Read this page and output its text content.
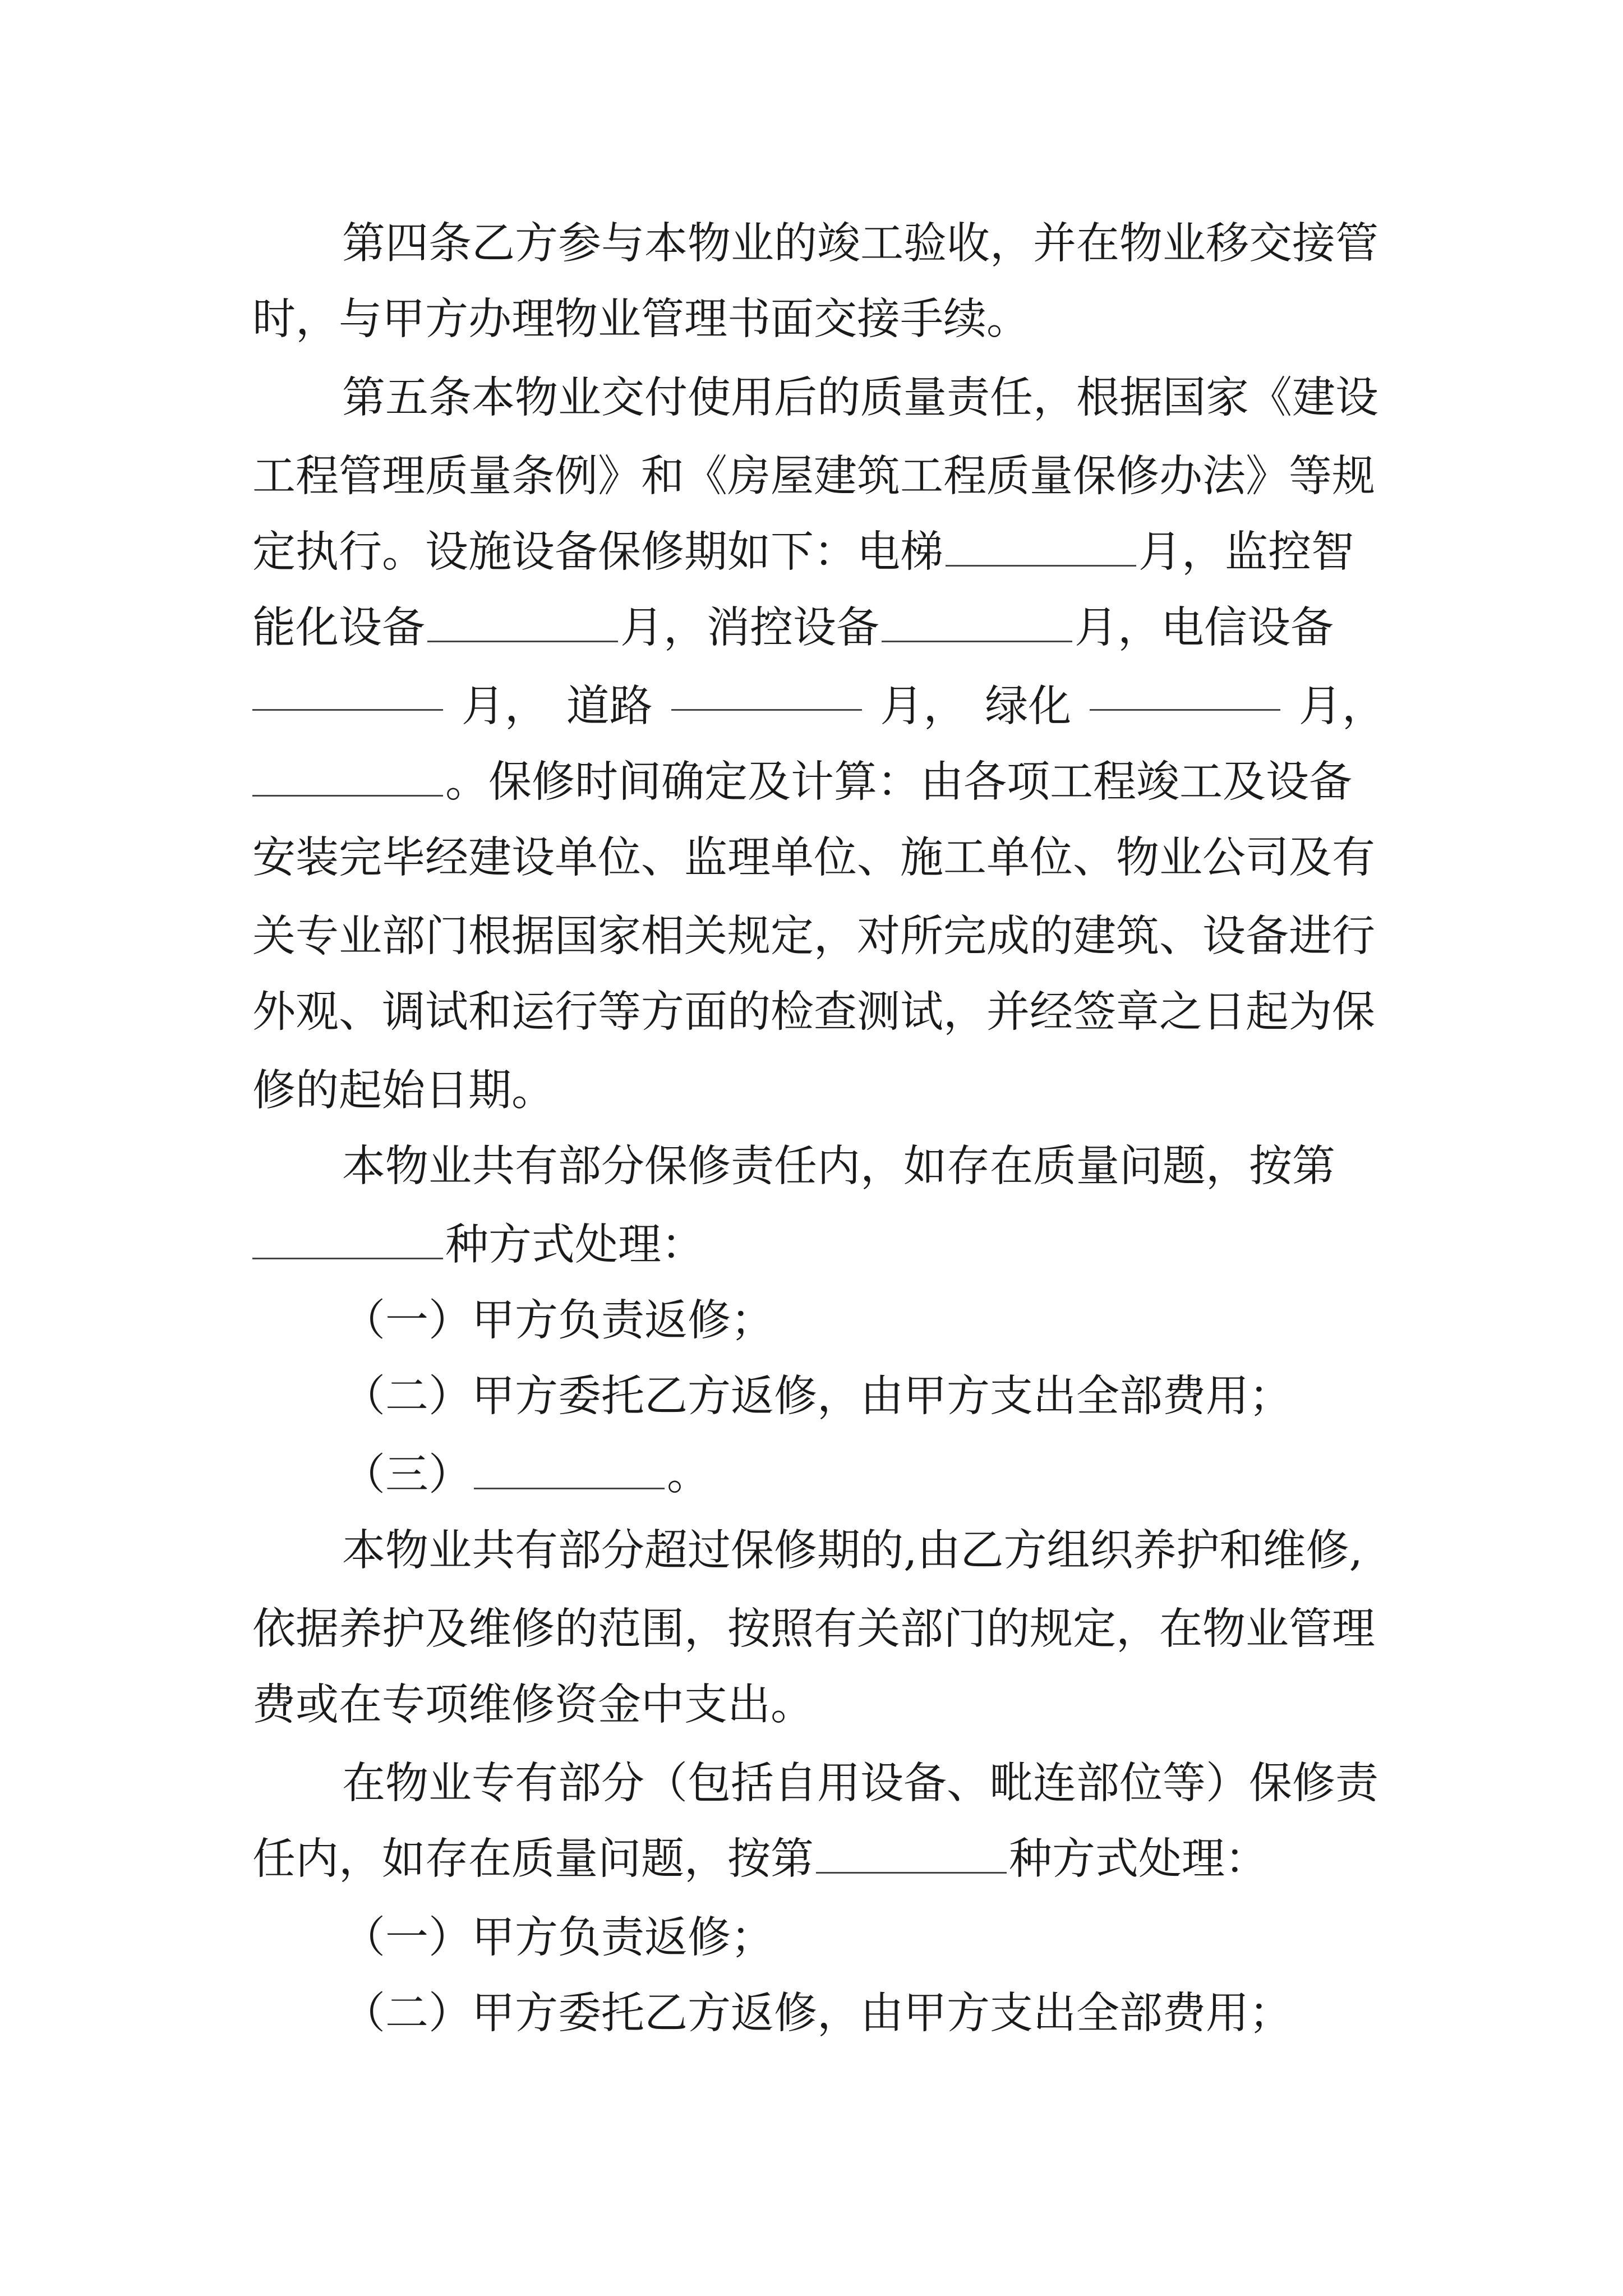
第四条乙方参与本物业的竣工验收，并在物业移交接管
时，与甲方办理物业管理书面交接手续。
第五条本物业交付使用后的质量责任，根据国家《建设
工程管理质量条例》和《房屋建筑工程质量保修办法》等规
定执行。设施设备保修期如下：电梯	月，监控智
能化设备	月，消控设备	月，电信设备
月， 道路	月， 绿化	月，
。保修时间确定及计算：由各项工程竣工及设备
安装完毕经建设单位、监理单位、施工单位、物业公司及有
关专业部门根据国家相关规定，对所完成的建筑、设备进行
外观、调试和运行等方面的检查测试，并经签章之日起为保
修的起始日期。
本物业共有部分保修责任内，如存在质量问题，按第
种方式处理：
（一）甲方负责返修；
（二）甲方委托乙方返修，由甲方支出全部费用；
（三）	。
本物业共有部分超过保修期的,由乙方组织养护和维修,
依据养护及维修的范围，按照有关部门的规定，在物业管理
费或在专项维修资金中支出。
在物业专有部分（包括自用设备、毗连部位等）保修责
任内，如存在质量问题，按第	种方式处理：
（一）甲方负责返修；
（二）甲方委托乙方返修，由甲方支出全部费用；
